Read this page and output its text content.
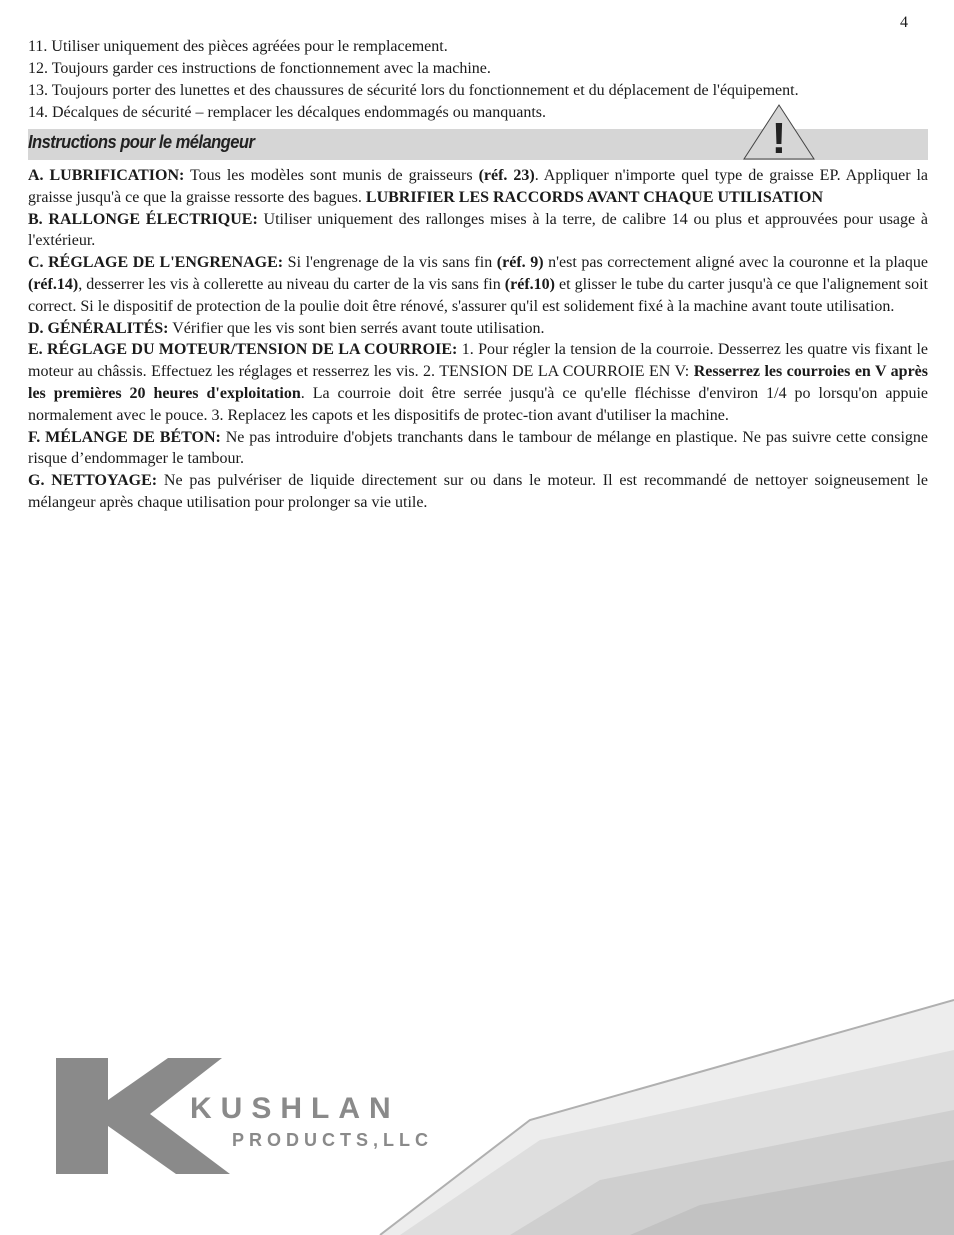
4
11. Utiliser uniquement des pièces agréées pour le remplacement.
12. Toujours garder ces instructions de fonctionnement avec la machine.
13. Toujours porter des lunettes et des chaussures de sécurité lors du fonctionnement et du déplacement de l'équipement.
14. Décalques de sécurité – remplacer les décalques endommagés ou manquants.
Instructions pour le mélangeur	!

A. LUBRIFICATION: Tous les modèles sont munis de graisseurs (réf. 23). Appliquer n'importe quel type de graisse EP. Appliquer la graisse jusqu'à ce que la graisse ressorte des bagues. LUBRIFIER LES RACCORDS AVANT CHAQUE UTILISATION

B. RALLONGE ÉLECTRIQUE: Utiliser uniquement des rallonges mises à la terre, de calibre 14 ou plus et approuvées pour usage à l'extérieur.

C. RÉGLAGE DE L'ENGRENAGE: Si l'engrenage de la vis sans fin (réf. 9) n'est pas correctement aligné avec la couronne et la plaque (réf.14), desserrer les vis à collerette au niveau du carter de la vis sans fin (réf.10) et glisser le tube du carter jusqu'à ce que l'alignement soit correct. Si le dispositif de protection de la poulie doit être rénové, s'assurer qu'il est solidement fixé à la machine avant toute utilisation.

D. GÉNÉRALITÉS: Vérifier que les vis sont bien serrés avant toute utilisation.

E. RÉGLAGE DU MOTEUR/TENSION DE LA COURROIE: 1. Pour régler la tension de la courroie. Desserrez les quatre vis fixant le moteur au châssis. Effectuez les réglages et resserrez les vis. 2. TENSION DE LA COURROIE EN V: Resserrez les courroies en V après les premières 20 heures d'exploitation. La courroie doit être serrée jusqu'à ce qu'elle fléchisse d'environ 1/4 po lorsqu'on appuie normalement avec le pouce. 3. Replacez les capots et les dispositifs de protec-tion avant d'utiliser la machine.

F. MÉLANGE DE BÉTON: Ne pas introduire d'objets tranchants dans le tambour de mélange en plastique. Ne pas suivre cette consigne risque d’endommager le tambour.

G. NETTOYAGE: Ne pas pulvériser de liquide directement sur ou dans le moteur. Il est recommandé de nettoyer soigneusement le mélangeur après chaque utilisation pour prolonger sa vie utile.

KUSHLAN
PRODUCTS,LLC
